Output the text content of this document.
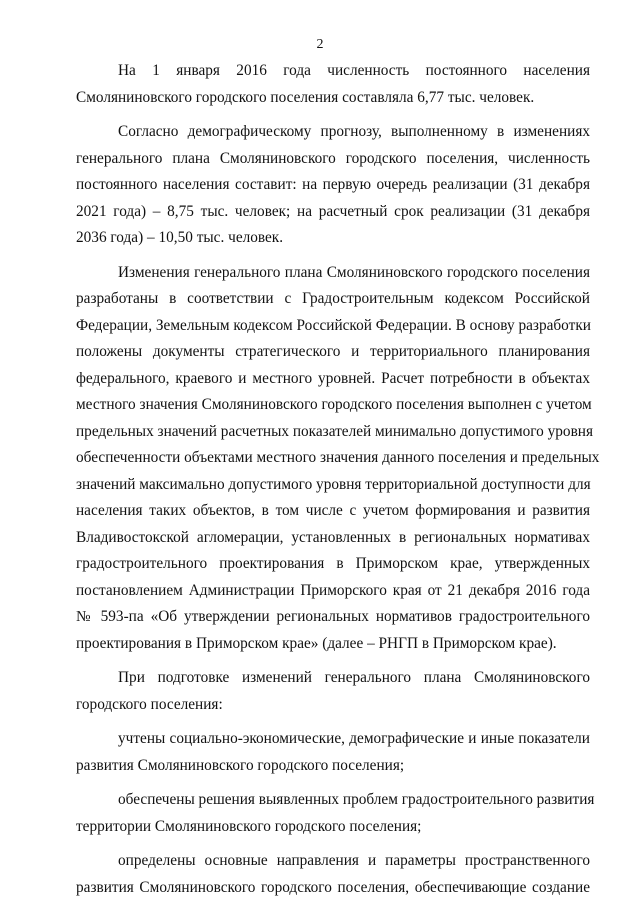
2
На 1 января 2016 года численность постоянного населения
Смоляниновского городского поселения составляла 6,77 тыс. человек.
Согласно демографическому прогнозу, выполненному в изменениях
генерального плана Смоляниновского городского поселения, численность
постоянного населения составит: на первую очередь реализации (31 декабря
2021 года) – 8,75 тыс. человек; на расчетный срок реализации (31 декабря
2036 года) – 10,50 тыс. человек.
Изменения генерального плана Смоляниновского городского поселения
разработаны в соответствии с Градостроительным кодексом Российской
Федерации, Земельным кодексом Российской Федерации. В основу разработки
положены документы стратегического и территориального планирования
федерального, краевого и местного уровней. Расчет потребности в объектах
местного значения Смоляниновского городского поселения выполнен с учетом
предельных значений расчетных показателей минимально допустимого уровня
обеспеченности объектами местного значения данного поселения и предельных
значений максимально допустимого уровня территориальной доступности для
населения таких объектов, в том числе с учетом формирования и развития
Владивостокской агломерации, установленных в региональных нормативах
градостроительного проектирования в Приморском крае, утвержденных
постановлением Администрации Приморского края от 21 декабря 2016 года
№ 593-па «Об утверждении региональных нормативов градостроительного
проектирования в Приморском крае» (далее – РНГП в Приморском крае).
При подготовке изменений генерального плана Смоляниновского
городского поселения:
учтены социально-экономические, демографические и иные показатели
развития Смоляниновского городского поселения;
обеспечены решения выявленных проблем градостроительного развития
территории Смоляниновского городского поселения;
определены основные направления и параметры пространственного
развития Смоляниновского городского поселения, обеспечивающие создание
